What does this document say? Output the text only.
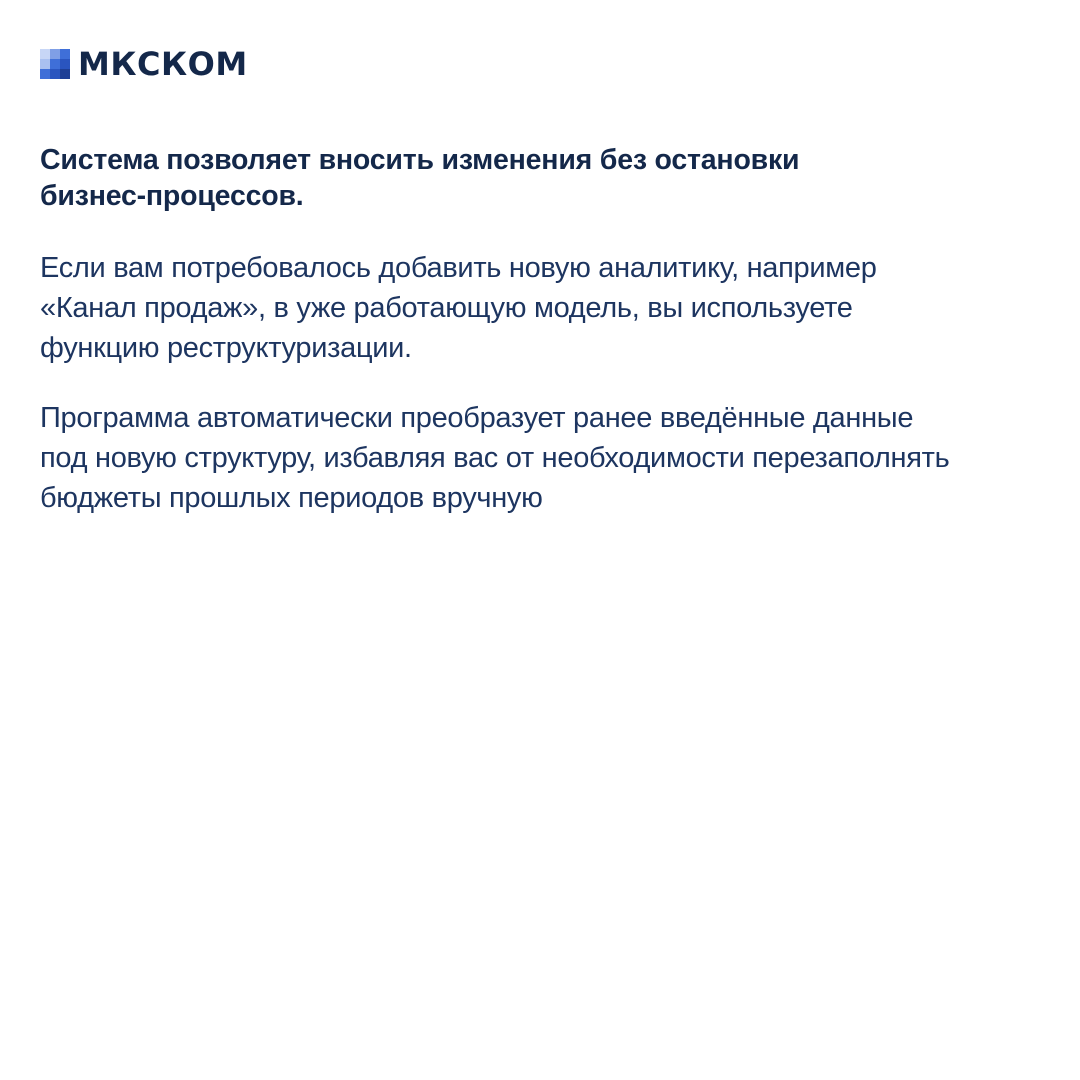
МКСКОМ

Система позволяет вносить изменения без остановки
бизнес-процессов.

Если вам потребовалось добавить новую аналитику, например
«Канал продаж», в уже работающую модель, вы используете
функцию реструктуризации.

Программа автоматически преобразует ранее введённые данные
под новую структуру, избавляя вас от необходимости перезаполнять
бюджеты прошлых периодов вручную
